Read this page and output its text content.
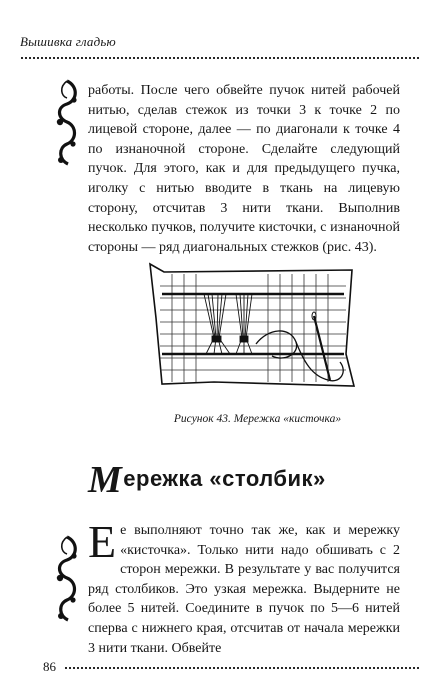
Вышивка гладью

работы. После чего обвейте пучок нитей рабочей нитью, сделав стежок из точки 3 к точке 2 по лицевой стороне, далее — по диагонали к точке 4 по изнаночной стороне. Сделайте следующий пучок. Для этого, как и для предыдущего пучка, иголку с нитью вводите в ткань на лицевую сторону, отсчитав 3 нити ткани. Выполнив несколько пучков, получите кисточки, с изнаночной стороны — ряд диагональных стежков (рис. 43).

Рисунок 43. Мережка «кисточка»
Мережка «столбик»

Ее выполняют точно так же, как и мережку «кисточка». Только нити надо обшивать с 2 сторон мережки. В результате у вас получится ряд столбиков. Это узкая мережка. Выдерните не более 5 нитей. Соедините в пучок по 5—6 нитей сперва с нижнего края, отсчитав от начала мережки 3 нити ткани. Обвейте

86
